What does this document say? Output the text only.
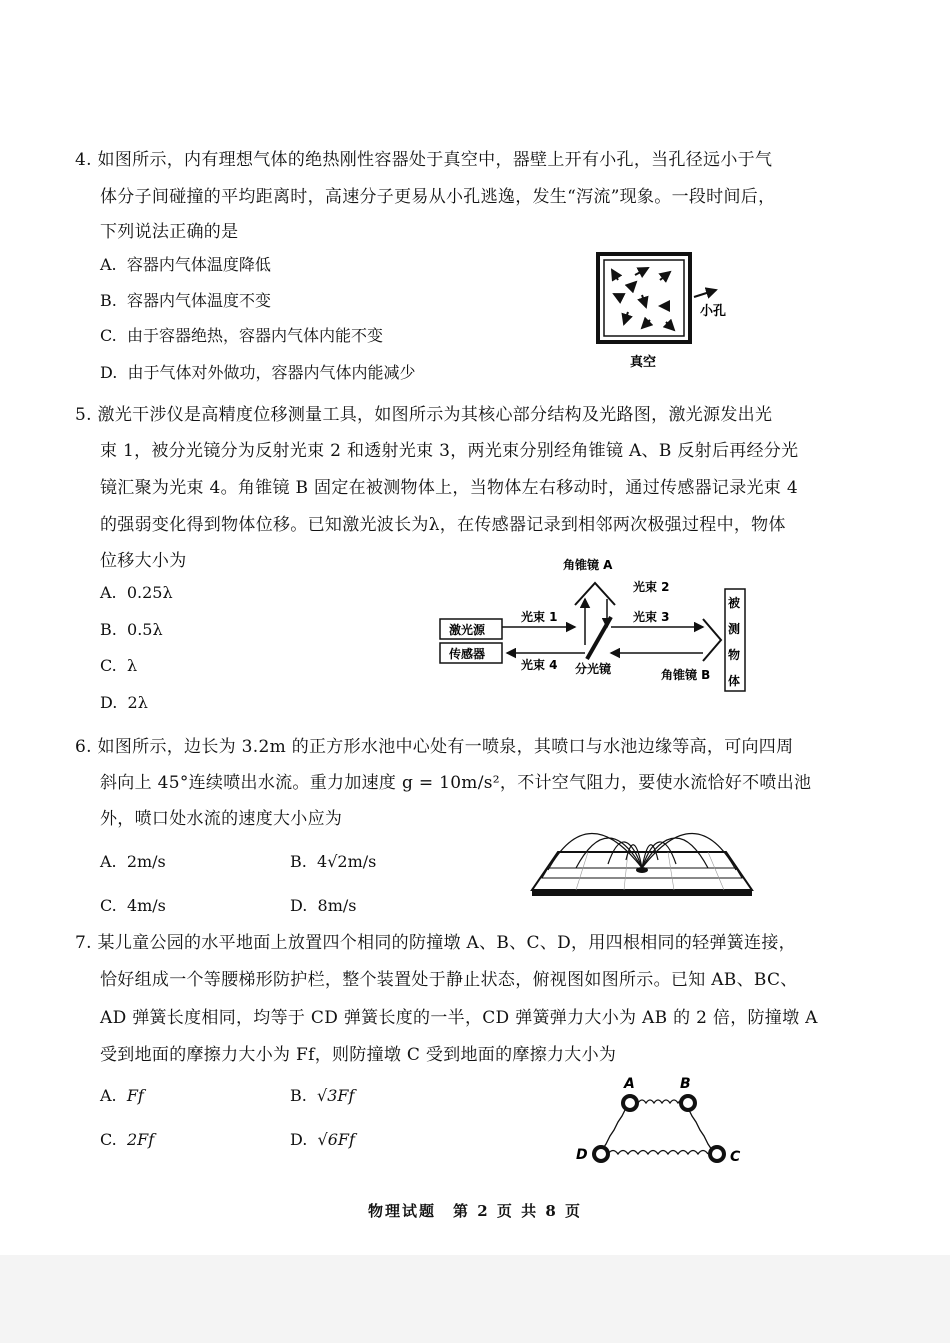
4. 如图所示，内有理想气体的绝热刚性容器处于真空中，器壁上开有小孔，当孔径远小于气
体分子间碰撞的平均距离时，高速分子更易从小孔逃逸，发生“泻流”现象。一段时间后，
下列说法正确的是
A. 容器内气体温度降低
B. 容器内气体温度不变
C. 由于容器绝热，容器内气体内能不变
D. 由于气体对外做功，容器内气体内能减少
小孔
真空
5. 激光干涉仪是高精度位移测量工具，如图所示为其核心部分结构及光路图，激光源发出光
束 1，被分光镜分为反射光束 2 和透射光束 3，两光束分别经角锥镜 A、B 反射后再经分光
镜汇聚为光束 4。角锥镜 B 固定在被测物体上，当物体左右移动时，通过传感器记录光束 4
的强弱变化得到物体位移。已知激光波长为λ，在传感器记录到相邻两次极强过程中，物体
位移大小为
A. 0.25λ
B. 0.5λ
C. λ
D. 2λ
角锥镜 A
光束 2
激光源
传感器
光束 1	光束 3
光束 4 分光镜	角锥镜 B
被
测
物
体
6. 如图所示，边长为 3.2m 的正方形水池中心处有一喷泉，其喷口与水池边缘等高，可向四周
斜向上 45°连续喷出水流。重力加速度 g = 10m/s²，不计空气阻力，要使水流恰好不喷出池
外，喷口处水流的速度大小应为
A. 2m/s	B. 4√2m/s
C. 4m/s	D. 8m/s
7. 某儿童公园的水平地面上放置四个相同的防撞墩 A、B、C、D，用四根相同的轻弹簧连接，
恰好组成一个等腰梯形防护栏，整个装置处于静止状态，俯视图如图所示。已知 AB、BC、
AD 弹簧长度相同，均等于 CD 弹簧长度的一半，CD 弹簧弹力大小为 AB 的 2 倍，防撞墩 A
受到地面的摩擦力大小为 Ff，则防撞墩 C 受到地面的摩擦力大小为
A. Ff	B. √3Ff
C. 2Ff	D. √6Ff
A	B
D	C
物理试题　第 2 页 共 8 页
